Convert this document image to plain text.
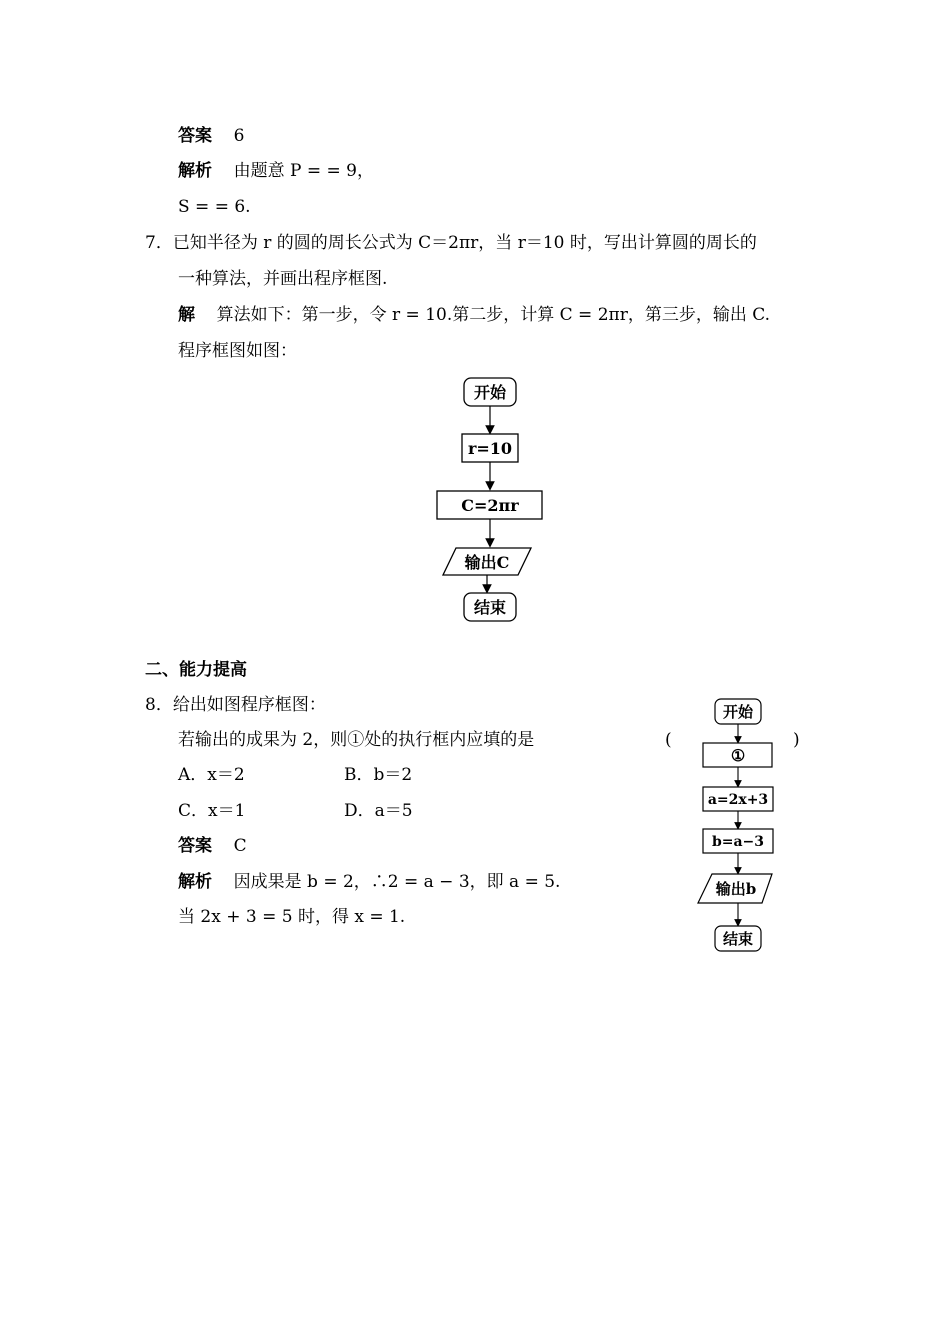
答案 6
解析 由题意 P = = 9，
S = = 6.
7．已知半径为 r 的圆的周长公式为 C＝2πr，当 r＝10 时，写出计算圆的周长的
一种算法，并画出程序框图.
解 算法如下：第一步，令 r = 10.第二步，计算 C = 2πr，第三步，输出 C.
程序框图如图：
开始
r=10
C=2πr
输出C
结束
二、能力提高
8．给出如图程序框图：
若输出的成果为 2，则①处的执行框内应填的是	(	)
A．x＝2	B．b＝2
C．x＝1	D．a＝5
答案 C
解析 因成果是 b = 2，∴2 = a − 3，即 a = 5.
当 2x + 3 = 5 时，得 x = 1.
开始
①
a=2x+3
b=a−3
输出b
结束
